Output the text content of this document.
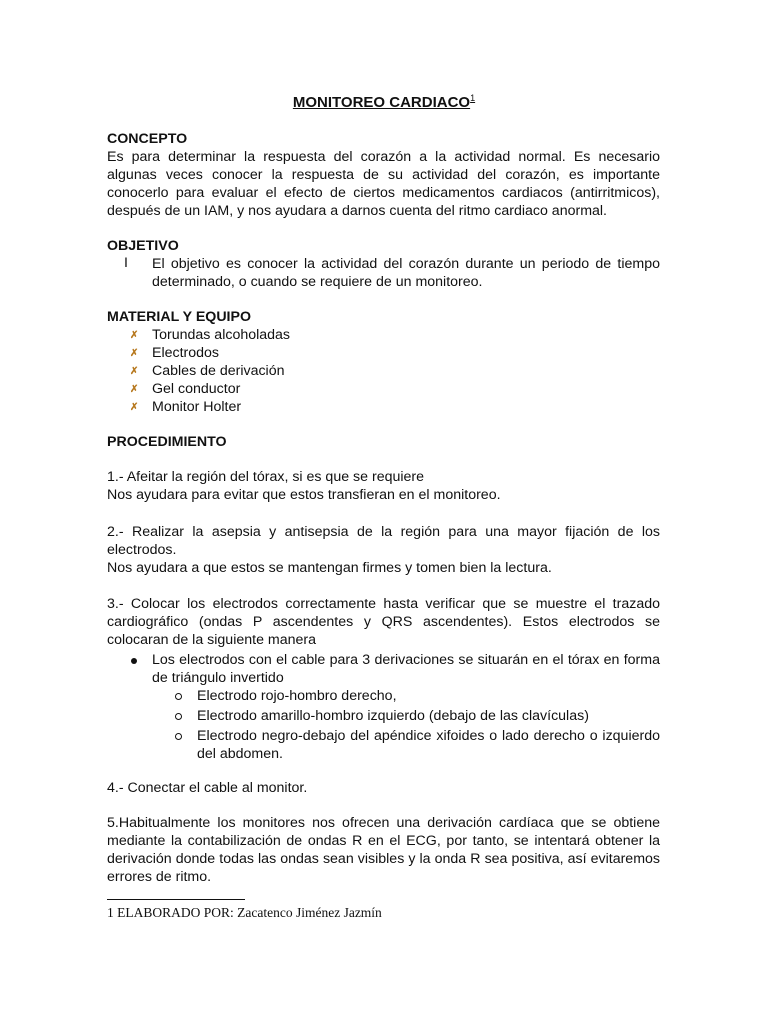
MONITOREO CARDIACO$^1$
CONCEPTO

Es para determinar la respuesta del corazón a la actividad normal. Es necesario algunas veces conocer la respuesta de su actividad del corazón, es importante conocerlo para evaluar el efecto de ciertos medicamentos cardiacos (antirritmicos), después de un IAM, y nos ayudara a darnos cuenta del ritmo cardiaco anormal.

OBJETIVO
I El objetivo es conocer la actividad del corazón durante un periodo de tiempo determinado, o cuando se requiere de un monitoreo.

MATERIAL Y EQUIPO
✗ Torundas alcoholadas
✗ Electrodos
✗ Cables de derivación
✗ Gel conductor
✗ Monitor Holter
PROCEDIMIENTO

1.- Afeitar la región del tórax, si es que se requiere

Nos ayudara para evitar que estos transfieran en el monitoreo.

2.- Realizar la asepsia y antisepsia de la región para una mayor fijación de los electrodos.

Nos ayudara a que estos se mantengan firmes y tomen bien la lectura.

3.- Colocar los electrodos correctamente hasta verificar que se muestre el trazado cardiográfico (ondas P ascendentes y QRS ascendentes). Estos electrodos se colocaran de la siguiente manera

Los electrodos con el cable para 3 derivaciones se situarán en el tórax en forma de triángulo invertido

Electrodo rojo-hombro derecho,

Electrodo amarillo-hombro izquierdo (debajo de las clavículas)

Electrodo negro-debajo del apéndice xifoides o lado derecho o izquierdo del abdomen.

4.- Conectar el cable al monitor.

5.Habitualmente los monitores nos ofrecen una derivación cardíaca que se obtiene mediante la contabilización de ondas R en el ECG, por tanto, se intentará obtener la derivación donde todas las ondas sean visibles y la onda R sea positiva, así evitaremos errores de ritmo.

1 ELABORADO POR: Zacatenco Jiménez Jazmín
